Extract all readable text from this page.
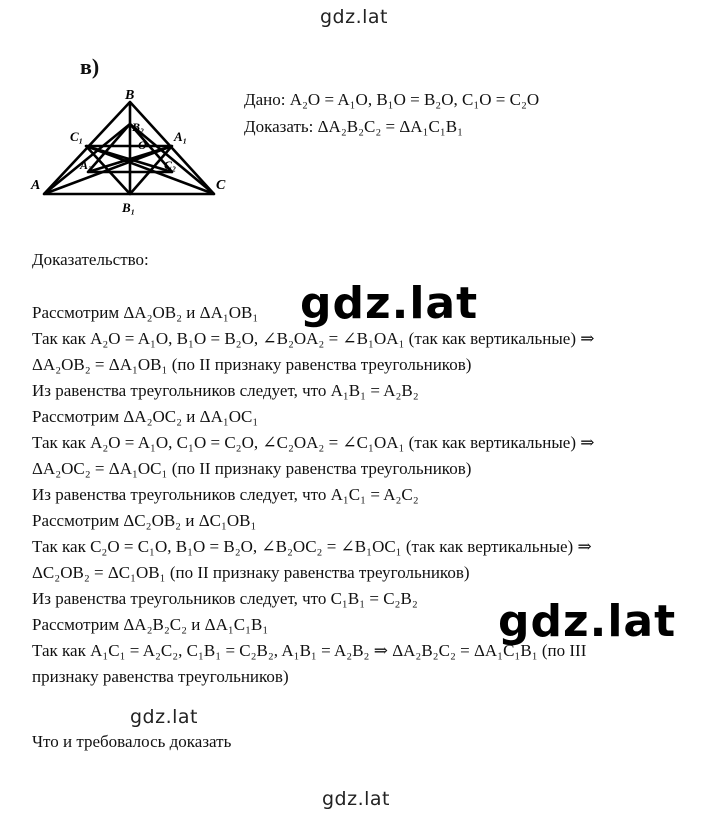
gdz.lat
в)
B
A	C
C₁	A₁
B₁
B₂
A₂	C₂
O
Дано: A₂O = A₁O, B₁O = B₂O, C₁O = C₂O
Доказать: ΔA₂B₂C₂ = ΔA₁C₁B₁
Доказательство:
Рассмотрим ΔA₂OB₂ и ΔA₁OB₁
Так как A₂O = A₁O, B₁O = B₂O, ∠B₂OA₂ = ∠B₁OA₁ (так как вертикальные) ⇒
ΔA₂OB₂ = ΔA₁OB₁ (по II признаку равенства треугольников)
Из равенства треугольников следует, что A₁B₁ = A₂B₂
Рассмотрим ΔA₂OC₂ и ΔA₁OC₁
Так как A₂O = A₁O, C₁O = C₂O, ∠C₂OA₂ = ∠C₁OA₁ (так как вертикальные) ⇒
ΔA₂OC₂ = ΔA₁OC₁ (по II признаку равенства треугольников)
Из равенства треугольников следует, что A₁C₁ = A₂C₂
Рассмотрим ΔC₂OB₂ и ΔC₁OB₁
Так как C₂O = C₁O, B₁O = B₂O, ∠B₂OC₂ = ∠B₁OC₁ (так как вертикальные) ⇒
ΔC₂OB₂ = ΔC₁OB₁ (по II признаку равенства треугольников)
Из равенства треугольников следует, что C₁B₁ = C₂B₂
Рассмотрим ΔA₂B₂C₂ и ΔA₁C₁B₁
Так как A₁C₁ = A₂C₂, C₁B₁ = C₂B₂, A₁B₁ = A₂B₂ ⇒ ΔA₂B₂C₂ = ΔA₁C₁B₁ (по III
признаку равенства треугольников)
Что и требовалось доказать
gdz.lat
gdz.lat
gdz.lat
gdz.lat
